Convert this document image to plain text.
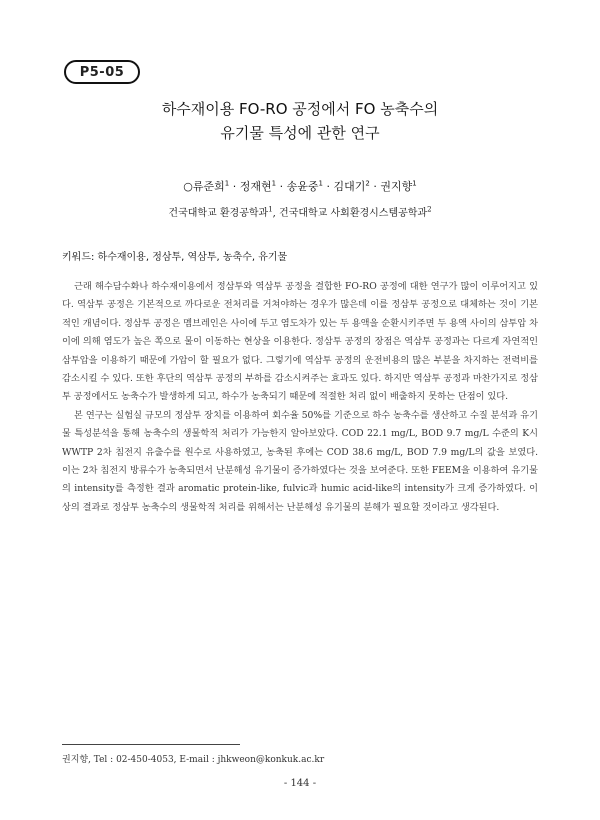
P5-05
하수재이용 FO-RO 공정에서 FO 농축수의
유기물 특성에 관한 연구
○류준희$^1$ · 정재현$^1$ · 송윤중$^1$ · 김대기$^2$ · 권지향$^1$
건국대학교 환경공학과$^1$, 건국대학교 사회환경시스템공학과$^2$
키워드: 하수재이용, 정삼투, 역삼투, 농축수, 유기물

근래 해수담수화나 하수재이용에서 정삼투와 역삼투 공정을 결합한 FO-RO 공정에 대한 연구가 많이 이루어지고 있다. 역삼투 공정은 기본적으로 까다로운 전처리를 거쳐야하는 경우가 많은데 이를 정삼투 공정으로 대체하는 것이 기본적인 개념이다. 정삼투 공정은 멤브레인은 사이에 두고 염도차가 있는 두 용액을 순환시키주면 두 용액 사이의 삼투압 차이에 의해 염도가 높은 쪽으로 물이 이동하는 현상을 이용한다. 정삼투 공정의 장점은 역삼투 공정과는 다르게 자연적인 삼투압을 이용하기 때문에 가압이 할 필요가 없다. 그렇기에 역삼투 공정의 운전비용의 많은 부분을 차지하는 전력비를 감소시킬 수 있다. 또한 후단의 역삼투 공정의 부하를 감소시켜주는 효과도 있다. 하지만 역삼투 공정과 마찬가지로 정삼투 공정에서도 농축수가 발생하게 되고, 하수가 농축되기 때문에 적절한 처리 없이 배출하지 못하는 단점이 있다.

본 연구는 실험실 규모의 정삼투 장치를 이용하여 회수율 50%를 기준으로 하수 농축수를 생산하고 수질 분석과 유기물 특성분석을 통해 농축수의 생물학적 처리가 가능한지 알아보았다. COD 22.1 mg/L, BOD 9.7 mg/L 수준의 K시 WWTP 2차 침전지 유출수를 원수로 사용하였고, 농축된 후에는 COD 38.6 mg/L, BOD 7.9 mg/L의 값을 보였다. 이는 2차 침전지 방류수가 농축되면서 난분해성 유기물이 증가하였다는 것을 보여준다. 또한 FEEM을 이용하여 유기물의 intensity를 측정한 결과 aromatic protein-like, fulvic과 humic acid-like의 intensity가 크게 증가하였다. 이상의 결과로 정삼투 농축수의 생물학적 처리를 위해서는 난분해성 유기물의 분해가 필요할 것이라고 생각된다.

권지향, Tel : 02-450-4053, E-mail : jhkweon@konkuk.ac.kr
- 144 -
